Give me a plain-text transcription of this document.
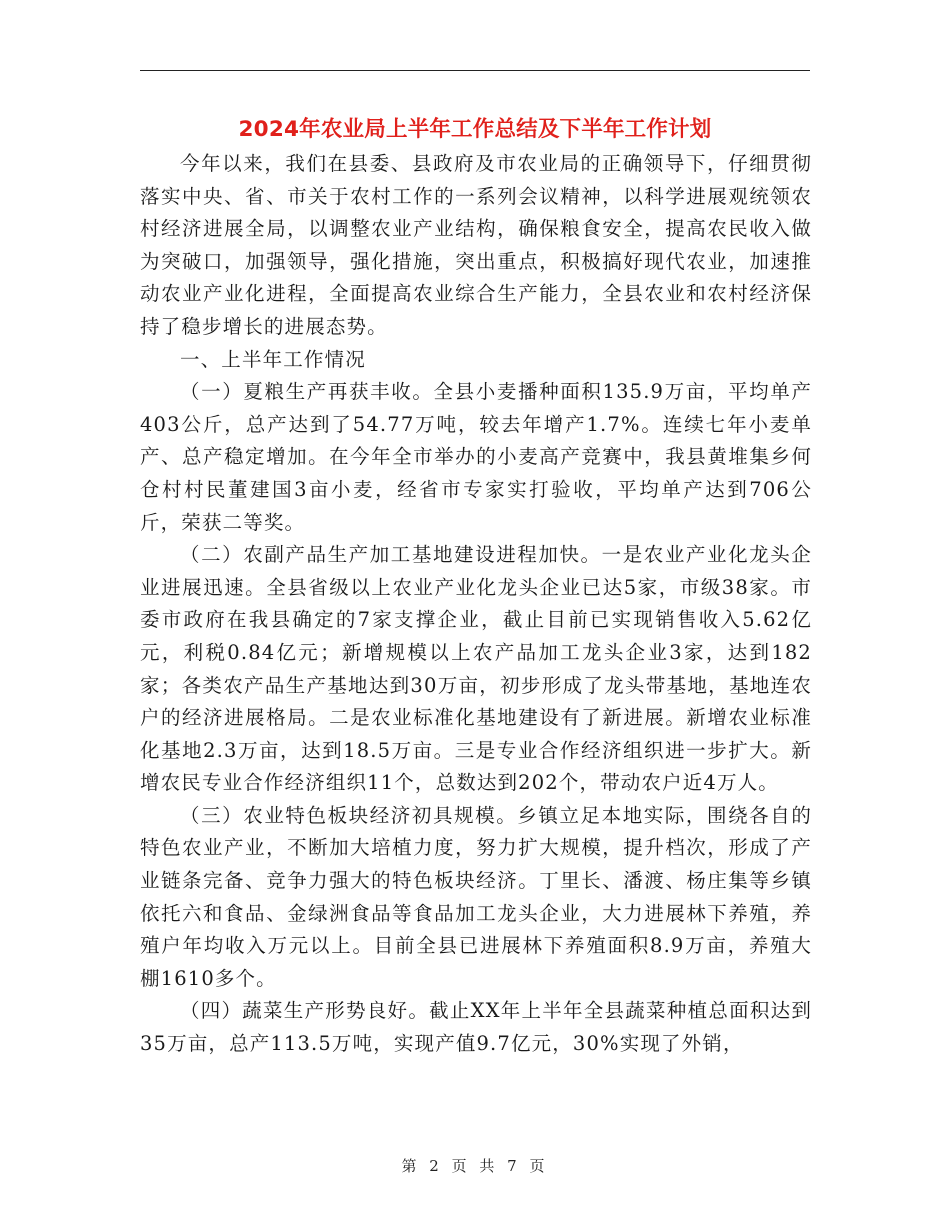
2024年农业局上半年工作总结及下半年工作计划

今年以来，我们在县委、县政府及市农业局的正确领导下，仔细贯彻落实中央、省、市关于农村工作的一系列会议精神，以科学进展观统领农村经济进展全局，以调整农业产业结构，确保粮食安全，提高农民收入做为突破口，加强领导，强化措施，突出重点，积极搞好现代农业，加速推动农业产业化进程，全面提高农业综合生产能力，全县农业和农村经济保持了稳步增长的进展态势。

一、上半年工作情况

（一）夏粮生产再获丰收。全县小麦播种面积135.9万亩，平均单产403公斤，总产达到了54.77万吨，较去年增产1.7%。连续七年小麦单产、总产稳定增加。在今年全市举办的小麦高产竞赛中，我县黄堆集乡何仓村村民董建国3亩小麦，经省市专家实打验收，平均单产达到706公斤，荣获二等奖。

（二）农副产品生产加工基地建设进程加快。一是农业产业化龙头企业进展迅速。全县省级以上农业产业化龙头企业已达5家，市级38家。市委市政府在我县确定的7家支撑企业，截止目前已实现销售收入5.62亿元，利税0.84亿元；新增规模以上农产品加工龙头企业3家，达到182家；各类农产品生产基地达到30万亩，初步形成了龙头带基地，基地连农户的经济进展格局。二是农业标准化基地建设有了新进展。新增农业标准化基地2.3万亩，达到18.5万亩。三是专业合作经济组织进一步扩大。新增农民专业合作经济组织11个，总数达到202个，带动农户近4万人。

（三）农业特色板块经济初具规模。乡镇立足本地实际，围绕各自的特色农业产业，不断加大培植力度，努力扩大规模，提升档次，形成了产业链条完备、竞争力强大的特色板块经济。丁里长、潘渡、杨庄集等乡镇依托六和食品、金绿洲食品等食品加工龙头企业，大力进展林下养殖，养殖户年均收入万元以上。目前全县已进展林下养殖面积8.9万亩，养殖大棚1610多个。

（四）蔬菜生产形势良好。截止XX年上半年全县蔬菜种植总面积达到35万亩，总产113.5万吨，实现产值9.7亿元，30%实现了外销，

第 2 页 共 7 页
